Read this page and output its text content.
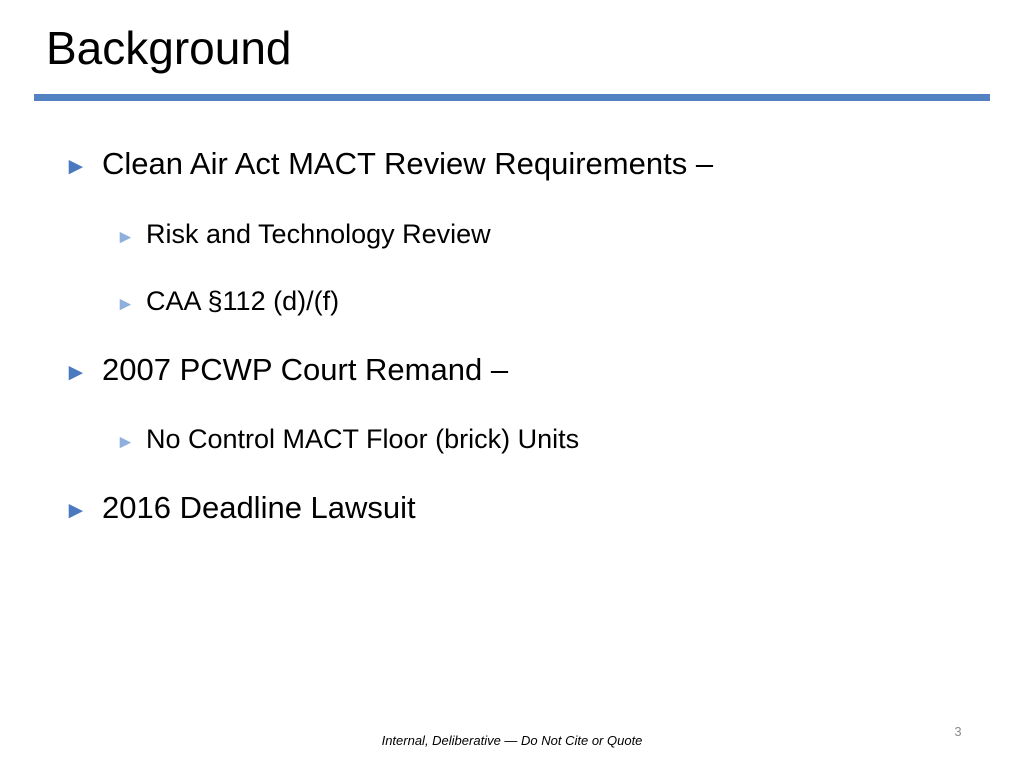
Background
► Clean Air Act MACT Review Requirements –
► Risk and Technology Review
► CAA §112 (d)/(f)
► 2007 PCWP Court Remand –
► No Control MACT Floor (brick) Units
► 2016 Deadline Lawsuit
Internal, Deliberative — Do Not Cite or Quote
3
